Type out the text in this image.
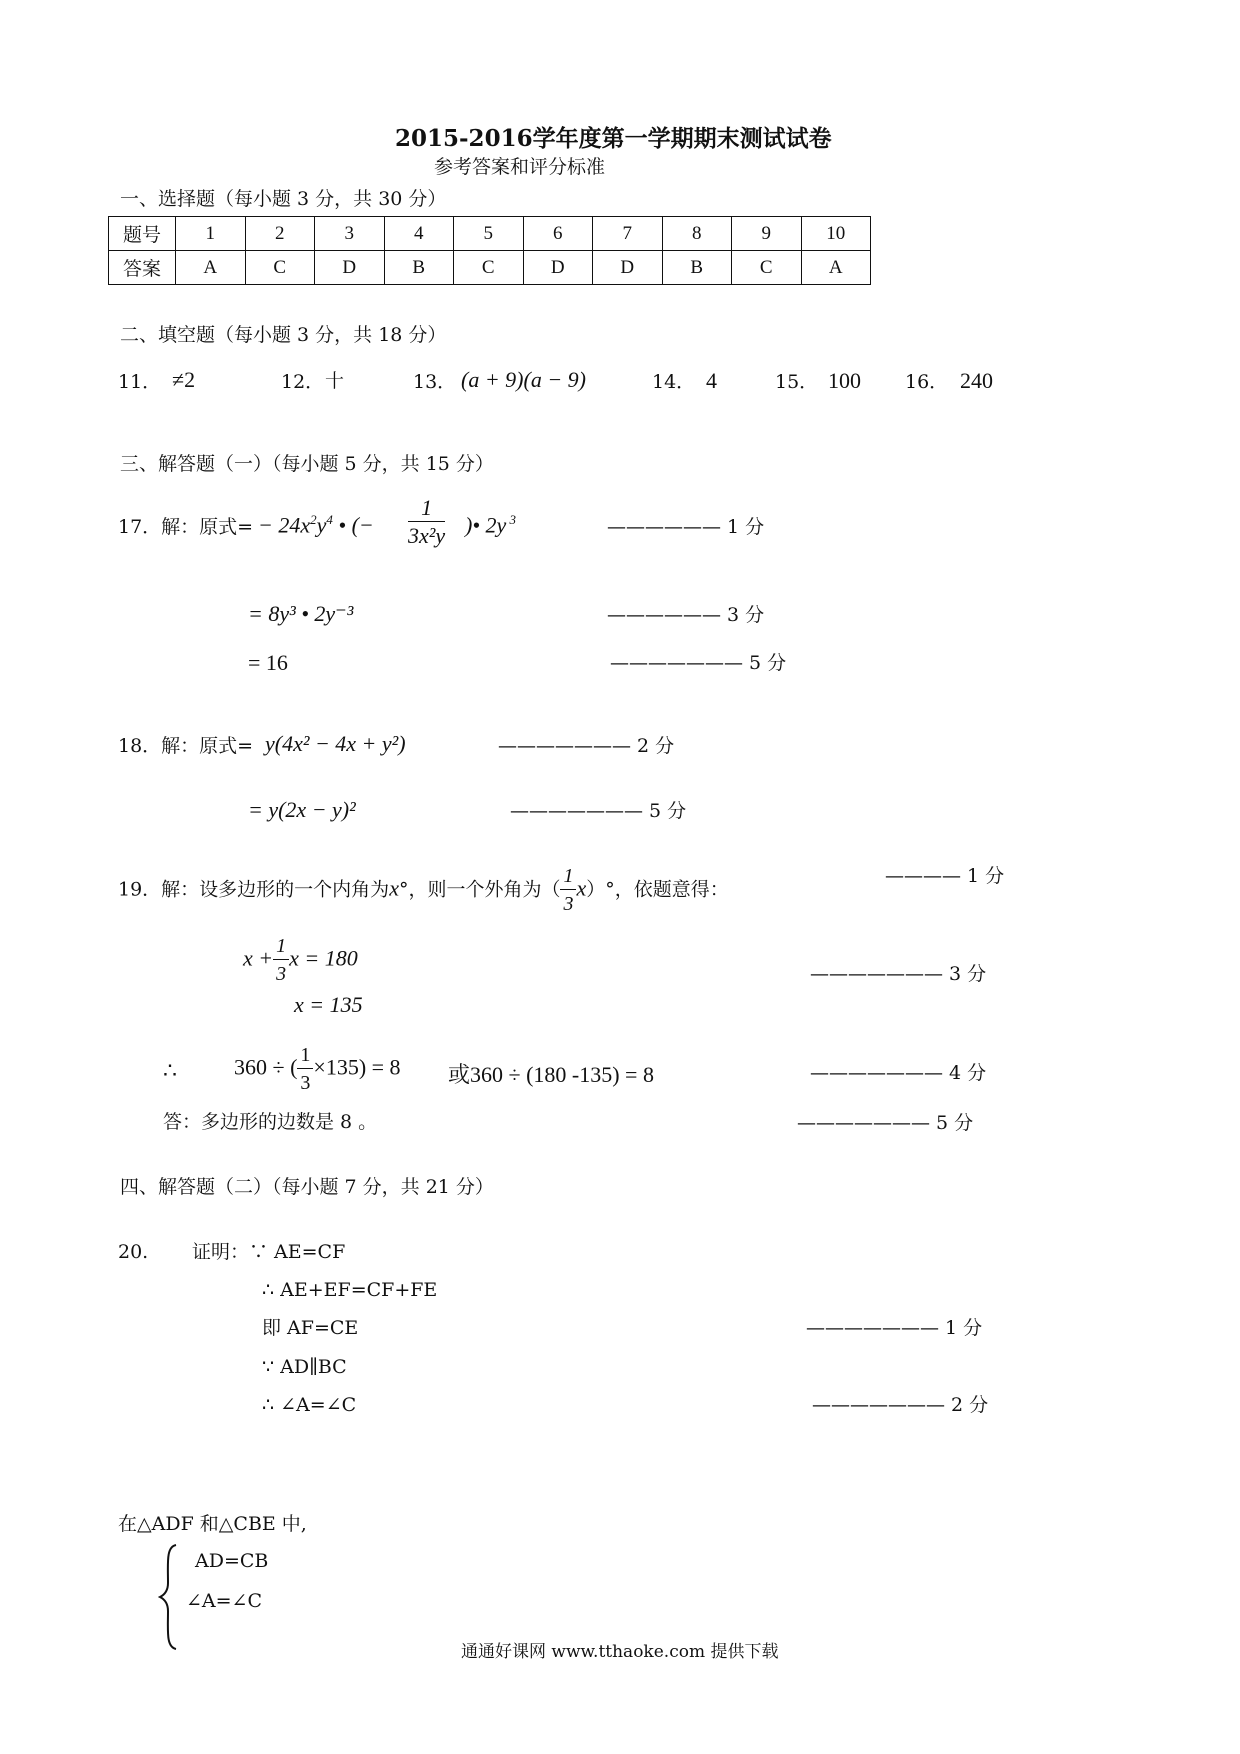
2015-2016学年度第一学期期末测试试卷
参考答案和评分标准
一、选择题（每小题 3 分，共 30 分）
题号	1	2	3	4	5	6	7	8	9	10
答案	A	C	D	B	C	D	D	B	C	A
二、填空题（每小题 3 分，共 18 分）
11． ≠2	12． 十	13． (a + 9)(a − 9)	14． 4	15． 100 16． 240
三、解答题（一）（每小题 5 分，共 15 分）
17．解：原式= − $24x^2y^4$ • (− $\frac{1}{\text{3x²y}}$ )• 2y $^3$	—————— 1 分
= 8y³ • 2y⁻³	—————— 3 分
= 16	——————— 5 分
18．解：原式= y(4x² − 4x + y²)	——————— 2 分
= y(2x − y)²	——————— 5 分
19．解：设多边形的一个内角为x°，则一个外角为（ $\frac{1}{3} x)^\circ$，依题意得：
———— 1 分
$x + \frac{1}{3}$ x = 180
——————— 3 分
x = 135
∴	360 ÷ ( $\frac{1}{3} \times 135) = 8$ 或360 ÷ (180 -135) = 8	——————— 4 分
答：多边形的边数是 8 。	——————— 5 分
四、解答题（二）（每小题 7 分，共 21 分）
20. 证明：∵ AE=CF
∴ AE+EF=CF+FE
即 AF=CE	——————— 1 分
∵ AD∥BC
∴ ∠A=∠C	——————— 2 分
在△ADF 和△CBE 中,
AD=CB
∠A=∠C
通通好课网 www.tthaoke.com 提供下载
